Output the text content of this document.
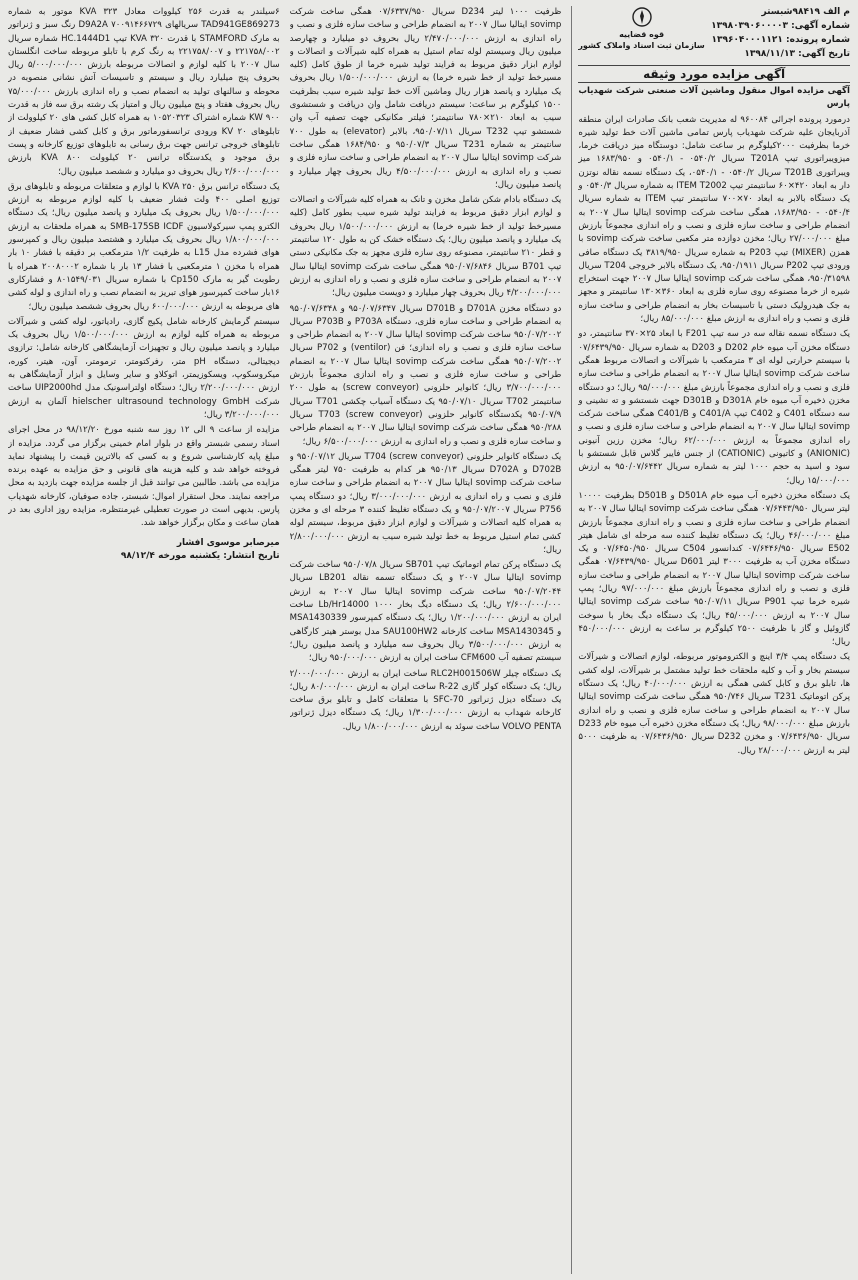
م الف ۹۸۴۱۹شبستر

شماره آگهی: ۱۳۹۸۰۳۹۰۶۰۰۰۰۳

شماره پرونده: ۱۳۹۶۰۴۰۰۰۱۱۲۱

تاریخ آگهی: ۱۳۹۸/۱۱/۱۳

قوه قضاییه
سازمان ثبت اسناد واملاک کشور
آگهی مزایده مورد وثیقه

آگهی مزایده اموال منقول وماشین آلات صنعتی شرکت شهدیاب پارس

درمورد پرونده اجرائی ۹۶۰۰۸۴ له مدیریت شعب بانک صادرات ایران منطقه آذربایجان علیه شرکت شهدیاب پارس تمامی ماشین آلات خط تولید شیره خرما بظرفیت ۲۰۰۰کیلوگرم بر ساعت شامل: دوستگاه میز دریافت خرما، میزویبراتوری تیپ T201A سریال ۰۵۴۰/۲ - ۰۵۴۰/۱ و ۱۶۸۳/۹۵۰ میز ویبراتوری T201B سریال ۰۵۴۰/۲ - ۰۵۴۰/۱، یک دستگاه نسمه نقاله نوتزن دار به ابعاد ۴۲۰×۶۰ سانتیمتر تیپ ITEM T2002 به شماره سریال ۰۵۴۰/۳ و یک دستگاه بالابر به ابعاد ۷۰×۷۰۰ سانتیمتر تیپ ITEM به شماره سریال ۰۵۴۰/۴ - ۱۶۸۳/۹۵۰، همگی ساخت شرکت sovimp ایتالیا سال ۲۰۰۷ به انضمام طراحی و ساخت سازه فلزی و نصب و راه اندازی مجموعاً بارزش مبلغ ۲۷/۰۰۰/۰۰۰ ریال؛ مخزن دوازده متر مکعبی ساخت شرکت sovimp با همزن (MIXER) تیپ P203 به شماره سریال ۳۸۱۹/۹۵۰ یک دستگاه صافی ورودی تیپ P202 سریال ۹۵۰/۱۹۱۱، یک دستگاه بالابر خروجی T204 سریال ۹۵۰/۳۱۵۹۸، همگی ساخت شرکت sovimp ایتالیا سال ۲۰۰۷ جهت استخراج شیره از خرما مصنوعه روی سازه فلزی به ابعاد ۳۶۰×۱۳۰ سانتیمتر و مجهز به جک هیدرولیک دستی با تاسیسات بخار به انضمام طراحی و ساخت سازه فلزی و نصب و راه اندازی به ارزش مبلغ ۸۵/۰۰۰/۰۰۰ ریال؛

یک دستگاه نسمه نقاله سه در سه تیپ F201 با ابعاد ۲۵×۳۷۰ سانتیمتر، دو دستگاه مخزن آب میوه خام D202 و D203 به شماره سریال ۰۷/۶۴۳۹/۹۵۰ با سیستم حرارتی لوله ای ۳ مترمکعب با شیرآلات و اتصالات مربوط همگی ساخت شرکت sovimp ایتالیا سال ۲۰۰۷ به انضمام طراحی و ساخت سازه فلزی و نصب و راه اندازی مجموعاً بارزش مبلغ ۹۵/۰۰۰/۰۰۰ ریال؛ دو دستگاه مخزن ذخیره آب میوه خام D301A و D301B جهت شستشو و ته نشینی و سه دستگاه C401 و C402 تیپ C401/A و C401/B همگی ساخت شرکت sovimp ایتالیا سال ۲۰۰۷ به انضمام طراحی و ساخت سازه فلزی و نصب و راه اندازی مجموعاً به ارزش ۶۲/۰۰۰/۰۰۰ ریال؛ مخزن رزین آنیونی (ANIONIC) و کاتیونی (CATIONIC) از جنس فایبر گلاس قابل شستشو با سود و اسید به حجم ۱۰۰۰ لیتر به شماره سریال ۹۵۰/۰۷/۶۴۴۲ به ارزش ۱۵/۰۰۰/۰۰۰ ریال؛

یک دستگاه مخزن ذخیره آب میوه خام D501A و D501B بظرفیت ۱۰۰۰۰ لیتر سریال ۰۷/۶۴۴۳/۹۵۰ همگی ساخت شرکت sovimp ایتالیا سال ۲۰۰۷ به انضمام طراحی و ساخت سازه فلزی و نصب و راه اندازی مجموعاً بارزش مبلغ ۴۶/۰۰۰/۰۰۰ ریال؛ یک دستگاه تغلیظ کننده سه مرحله ای شامل هیتر E502 سریال ۰۷/۶۴۴۶/۹۵۰ کندانسور C504 سریال ۰۷/۶۴۵۰/۹۵۰ و یک دستگاه مخزن آب به ظرفیت ۳۰۰۰ لیتر D601 سریال ۰۷/۶۴۳۹/۹۵۰ همگی ساخت شرکت sovimp ایتالیا سال ۲۰۰۷ به انضمام طراحی و ساخت سازه فلزی و نصب و راه اندازی مجموعاً بارزش مبلغ ۹۷/۰۰۰/۰۰۰ ریال؛ پمپ شیره خرما تیپ P901 سریال ۹۵۰/۰۷/۱۱ ساخت شرکت sovimp ایتالیا سال ۲۰۰۷ به ارزش ۴۵/۰۰۰/۰۰۰ ریال؛ یک دستگاه دیگ بخار با سوخت گازوئیل و گاز با ظرفیت ۲۵۰۰ کیلوگرم بر ساعت به ارزش ۴۵۰/۰۰۰/۰۰۰ ریال؛

یک دستگاه پمپ ۳/۴ اینچ و الکتروموتور مربوطه، لوازم اتصالات و شیرآلات سیستم بخار و آب و کلیه ملحقات خط تولید مشتمل بر شیرآلات، لوله کشی ها، تابلو برق و کابل کشی همگی به ارزش ۴۰/۰۰۰/۰۰۰ ریال؛ یک دستگاه پرکن اتوماتیک T231 سریال ۹۵۰/۷۴۶ همگی ساخت شرکت sovimp ایتالیا سال ۲۰۰۷ به انضمام طراحی و ساخت سازه فلزی و نصب و راه اندازی بارزش مبلغ ۹۸/۰۰۰/۰۰۰ ریال؛ یک دستگاه مخزن ذخیره آب میوه خام D233 سریال ۰۷/۶۴۳۶/۹۵۰ و مخزن D232 سریال ۰۷/۶۴۳۶/۹۵۰ به ظرفیت ۵۰۰۰ لیتر به ارزش ۲۸/۰۰۰/۰۰۰ ریال.

ظرفیت ۱۰۰۰ لیتر D234 سریال ۰۷/۶۳۳۷/۹۵۰ همگی ساخت شرکت sovimp ایتالیا سال ۲۰۰۷ به انضمام طراحی و ساخت سازه فلزی و نصب و راه اندازی به ارزش ۲/۴۷۰/۰۰۰/۰۰۰ ریال بحروف دو میلیارد و چهارصد میلیون ریال وسیستم لوله تمام استیل به همراه کلیه شیرآلات و اتصالات و لوازم ابزار دقیق مربوط به فرایند تولید شیره خرما از طوق کامل (کلیه مسیرخط تولید از خط شیره خرما) به ارزش ۱/۵۰۰/۰۰۰/۰۰۰ ریال بحروف یک میلیارد و پانصد هزار ریال وماشین آلات خط تولید شیره سیب بظرفیت ۱۵۰۰ کیلوگرم بر ساعت: سیستم دریافت شامل وان دریافت و شستشوی سیب به ابعاد ۲۱۰×۷۸۰ سانتیمتر؛ فیلتر مکانیکی جهت تصفیه آب وان شستشو تیپ T232 سریال ۹۵۰/۰۷/۱۱، بالابر (elevator) به طول ۷۰۰ سانتیمتر به شماره T231 سریال ۹۵۰/۰۷/۳ و ۱۶۸۴/۹۵۰ همگی ساخت شرکت sovimp ایتالیا سال ۲۰۰۷ به انضمام طراحی و ساخت سازه فلزی و نصب و راه اندازی به ارزش ۴/۵۰۰/۰۰۰/۰۰۰ ریال بحروف چهار میلیارد و پانصد میلیون ریال؛

یک دستگاه بادام شکن شامل مخزن و تانک به همراه کلیه شیرآلات و اتصالات و لوازم ابزار دقیق مربوط به فرایند تولید شیره سیب بطور کامل (کلیه مسیرخط تولید از خط شیره خرما) به ارزش ۱/۵۰۰/۰۰۰/۰۰۰ ریال بحروف یک میلیارد و پانصد میلیون ریال؛ یک دستگاه خشک کن به طول ۱۲۰ سانتیمتر و قطر ۲۱۰ سانتیمتر، مصنوعه روی سازه فلزی مجهز به جک مکانیکی دستی تیپ B701 سریال ۹۵۰/۰۷/۶۸۴۶ همگی ساخت شرکت sovimp ایتالیا سال ۲۰۰۷ به انضمام طراحی و ساخت سازه فلزی و نصب و راه اندازی به ارزش ۴/۲۰۰/۰۰۰/۰۰۰ ریال بحروف چهار میلیارد و دویست میلیون ریال؛

دو دستگاه مخزن D701A و D701B سریال ۹۵۰/۰۷/۶۳۴۷ و ۹۵۰/۰۷/۶۳۴۸ به انضمام طراحی و ساخت سازه فلزی، دستگاه P703A و P703B سریال ۹۵۰/۰۷/۲۰۰۲ ساخت شرکت sovimp ایتالیا سال ۲۰۰۷ به انضمام طراحی و ساخت سازه فلزی و نصب و راه اندازی؛ فن (ventilor) و P702 سریال ۹۵۰/۰۷/۲۰۰۲ همگی ساخت شرکت sovimp ایتالیا سال ۲۰۰۷ به انضمام طراحی و ساخت سازه فلزی و نصب و راه اندازی مجموعاً بارزش ۳/۷۰۰/۰۰۰/۰۰۰ ریال؛ کانوایر حلزونی (screw conveyor) به طول ۲۰۰ سانتیمتر T702 سریال ۹۵۰/۰۷/۱۰ یک دستگاه آسیاب چکشی T701 سریال ۹۵۰/۰۷/۹ یکدستگاه کانوایر حلزونی (screw conveyor) T703 سریال ۹۵۰/۲۸۸ همگی ساخت شرکت sovimp ایتالیا سال ۲۰۰۷ به انضمام طراحی و ساخت سازه فلزی و نصب و راه اندازی به ارزش ۶/۵۰۰/۰۰۰/۰۰۰ ریال؛

یک دستگاه کانوایر حلزونی (screw conveyor) T704 سریال ۹۵۰/۰۷/۱۲ و D702B و D702A سریال ۹۵۰/۱۳ هر کدام به ظرفیت ۷۵۰ لیتر همگی ساخت شرکت sovimp ایتالیا سال ۲۰۰۷ به انضمام طراحی و ساخت سازه فلزی و نصب و راه اندازی به ارزش ۳/۰۰۰/۰۰۰/۰۰۰ ریال؛ دو دستگاه پمپ P756 سریال ۹۵۰/۰۷/۲۰۰۷ و یک دستگاه تغلیظ کننده ۳ مرحله ای و مخزن به همراه کلیه اتصالات و شیرآلات و لوازم ابزار دقیق مربوط، سیستم لوله کشی تمام استیل مربوط به خط تولید شیره سیب به ارزش ۲/۸۰۰/۰۰۰/۰۰۰ ریال؛

یک دستگاه پرکن تمام اتوماتیک تیپ SB701 سریال ۹۵۰/۰۷/۸ ساخت شرکت sovimp ایتالیا سال ۲۰۰۷ و یک دستگاه تسمه نقاله LB201 سریال ۹۵۰/۰۷/۲۰۴۴ ساخت شرکت sovimp ایتالیا سال ۲۰۰۷ به ارزش ۲/۶۰۰/۰۰۰/۰۰۰ ریال؛ یک دستگاه دیگ بخار ۱۰۰۰ Lb/Hr14000 ساخت ایران به ارزش ۱/۲۰۰/۰۰۰/۰۰۰ ریال؛ یک دستگاه کمپرسور MSA1430339 و MSA1430345 ساخت کارخانه SAU100HW2 مدل بوستر هیتر کارگاهی به ارزش ۳/۵۰۰/۰۰۰/۰۰۰ ریال بحروف سه میلیارد و پانصد میلیون ریال؛ سیستم تصفیه آب CFM600 ساخت ایران به ارزش ۹۵۰/۰۰۰/۰۰۰ ریال؛

یک دستگاه چیلر RLC2H001506W ساخت ایران به ارزش ۲/۰۰۰/۰۰۰/۰۰۰ ریال؛ یک دستگاه کولر گازی R-22 ساخت ایران به ارزش ۸۰/۰۰۰/۰۰۰ ریال؛ یک دستگاه دیزل ژنراتور SFC-70 با متعلقات کامل و تابلو برق ساخت کارخانه شهداب به ارزش ۱/۳۰۰/۰۰۰/۰۰۰ ریال؛ یک دستگاه دیزل ژنراتور VOLVO PENTA ساخت سوئد به ارزش ۱/۸۰۰/۰۰۰/۰۰۰ ریال.

۶سیلندر به قدرت ۲۵۶ کیلووات معادل ۳۲۳ KVA موتور به شماره TAD941GE869273 سریالهای ۷۰۰۹۱۴۶۶۷۲۹ D9A2A رنگ سبز و ژنراتور به مارک STAMFORD با قدرت ۳۲۰ KVA تیپ HC.1444D1 شماره سریال ۲۲۱۷۵۸/۰۰۲ و ۲۲۱۷۵۸/۰۰۷ به رنگ کرم با تابلو مربوطه ساخت انگلستان سال ۲۰۰۷ با کلیه لوازم و اتصالات مربوطه بارزش ۵/۰۰۰/۰۰۰/۰۰۰ ریال بحروف پنج میلیارد ریال و سیستم و تاسیسات آتش نشانی منصوبه در محوطه و سالنهای تولید به انضمام نصب و راه اندازی بارزش ۷۵/۰۰۰/۰۰۰ ریال بحروف هفتاد و پنج میلیون ریال و امتیاز یک رشته برق سه فاز به قدرت ۹۰۰ KW شماره اشتراک ۱۰۵۲۰۳۲۳ به همراه کابل کشی های ۲۰ کیلوولت از تابلوهای ۲۰ KV ورودی ترانسفورماتور برق و کابل کشی فشار ضعیف از تابلوهای خروجی ترانس جهت برق رسانی به تابلوهای توزیع کارخانه و پست برق موجود و یکدستگاه ترانس ۲۰ کیلوولت ۸۰۰ KVA بارزش ۲/۶۰۰/۰۰۰/۰۰۰ ریال بحروف دو میلیارد و ششصد میلیون ریال؛

یک دستگاه ترانس برق KVA ۲۵۰ با لوازم و متعلقات مربوطه و تابلوهای برق توزیع اصلی ۴۰۰ ولت فشار ضعیف با کلیه لوازم مربوطه به ارزش ۱/۵۰۰/۰۰۰/۰۰۰ ریال بحروف یک میلیارد و پانصد میلیون ریال؛ یک دستگاه الکترو پمپ سیرکولاسیون SMB-175SB ICDF به همراه ملحقات به ارزش ۱/۸۰۰/۰۰۰/۰۰۰ ریال بحروف یک میلیارد و هشتصد میلیون ریال و کمپرسور هوای فشرده مدل L15 به ظرفیت ۱/۲ مترمکعب بر دقیقه با فشار ۱۰ بار همراه با مخزن ۱ مترمکعبی با فشار ۱۳ بار با شماره ۲۰۰۸۰۰۰۲ همراه با رطوبت گیر به مارک Cp150 با شماره سریال ۸۰۱۵۴۹/۰۳۱ و فشارکاری ۱۶بار ساخت کمپرسور هوای تبریز به انضمام نصب و راه اندازی و لوله کشی های مربوطه به ارزش ۶۰۰/۰۰۰/۰۰۰ ریال بحروف ششصد میلیون ریال؛

سیستم گرمایش کارخانه شامل پکیج گازی، رادیاتور، لوله کشی و شیرآلات مربوطه به همراه کلیه لوازم به ارزش ۱/۵۰۰/۰۰۰/۰۰۰ ریال بحروف یک میلیارد و پانصد میلیون ریال و تجهیزات آزمایشگاهی کارخانه شامل: ترازوی دیجیتالی، دستگاه pH متر، رفرکتومتر، ترمومتر، آون، هیتر، کوره، میکروسکوپ، ویسکوزیمتر، اتوکلاو و سایر وسایل و ابزار آزمایشگاهی به ارزش ۲/۲۰۰/۰۰۰/۰۰۰ ریال؛ دستگاه اولتراسونیک مدل UIP2000hd ساخت شرکت hielscher ultrasound technology GmbH آلمان به ارزش ۳/۲۰۰/۰۰۰/۰۰۰ ریال؛

مزایده از ساعت ۹ الی ۱۲ روز سه شنبه مورخ ۹۸/۱۲/۲۰ در محل اجرای اسناد رسمی شبستر واقع در بلوار امام خمینی برگزار می گردد. مزایده از مبلغ پایه کارشناسی شروع و به کسی که بالاترین قیمت را پیشنهاد نماید فروخته خواهد شد و کلیه هزینه های قانونی و حق مزایده به عهده برنده مزایده می باشد. طالبین می توانند قبل از جلسه مزایده جهت بازدید به محل مراجعه نمایند. محل استقرار اموال: شبستر، جاده صوفیان، کارخانه شهدیاب پارس. بدیهی است در صورت تعطیلی غیرمنتظره، مزایده روز اداری بعد در همان ساعت و مکان برگزار خواهد شد.

میرصابر موسوی افشار
تاریخ انتشار: یکشنبه مورخه ۹۸/۱۲/۴
